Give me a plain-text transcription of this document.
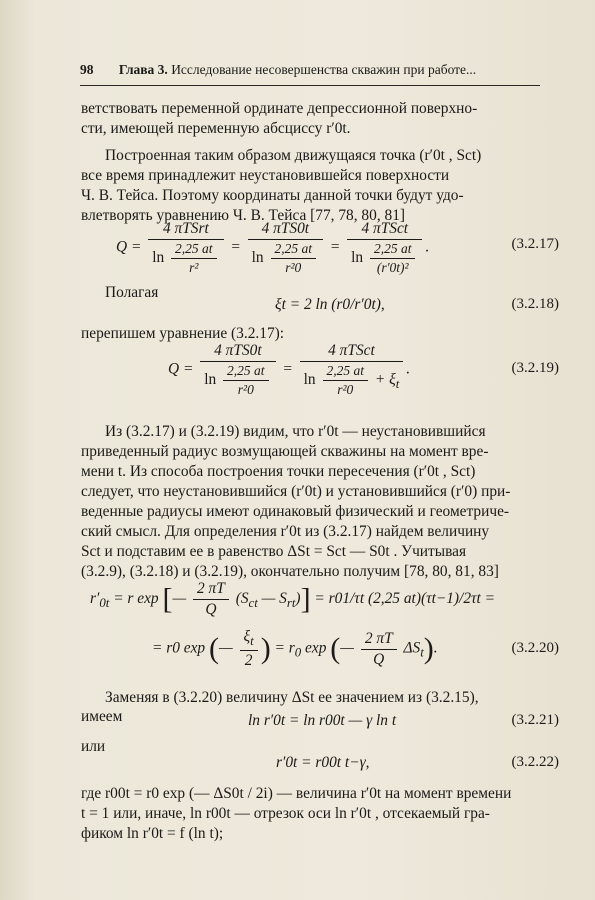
98 Глава 3. Исследование несовершенства скважин при работе...
ветствовать переменной ординате депрессионной поверхно-
сти, имеющей переменную абсциссу r′0t.
Построенная таким образом движущаяся точка (r′0t , Sct)
все время принадлежит неустановившейся поверхности
Ч. В. Тейса. Поэтому координаты данной точки будут удо-
влетворять уравнению Ч. В. Тейса [77, 78, 80, 81]
$Q = \frac{\text{4 πTSrt}}{\ln \frac{2,25 at}{\text{r²}}} = \frac{\text{4 πTS0t}}{\ln \frac{2,25 at}{\text{r²0}}} = \frac{\text{4 πTSct}}{\ln \frac{2,25 at}{\text{(r′0t)²}}}$ .	(3.2.17)
Полагая
ξt = 2 ln (r0/r′0t),	(3.2.18)
перепишем уравнение (3.2.17):
$Q = \frac{\text{4 πTS0t}}{\ln \frac{2,25 at}{\text{r²0}}} = \frac{\text{4 πTSct}}{\ln \frac{2,25 at}{\text{r²0}} + \xi_t}$ .	(3.2.19)
Из (3.2.17) и (3.2.19) видим, что r′0t — неустановившийся
приведенный радиус возмущающей скважины на момент вре-
мени t. Из способа построения точки пересечения (r′0t , Sct)
следует, что неустановившийся (r′0t) и установившийся (r′0) при-
веденные радиусы имеют одинаковый физический и геометриче-
ский смысл. Для определения r′0t из (3.2.17) найдем величину
Sct и подставим ее в равенство ΔSt = Sct — S0t . Учитывая
(3.2.9), (3.2.18) и (3.2.19), окончательно получим [78, 80, 81, 83]
$r'_{0t} = r$ exp [— $\frac{2 \pi T}{Q} (S_{ct}$ — $S_{rt})] = r01/\tau t$ (2,25 at)(τt−1)/2τt =
= r0 exp (— $\frac{\xi_t}{2}$ ) = $r_0$ exp (— $\frac{2 \pi T}{Q} \Delta S_t$).	(3.2.20)
Заменяя в (3.2.20) величину ΔSt ее значением из (3.2.15),
имеем	ln r′0t = ln r00t — γ ln t	(3.2.21)
или
r′0t = r00t t−γ,	(3.2.22)
где r00t = r0 exp (— ΔS0t / 2i) — величина r′0t на момент времени
t = 1 или, иначе, ln r00t — отрезок оси ln r′0t , отсекаемый гра-
фиком ln r′0t = f (ln t);
